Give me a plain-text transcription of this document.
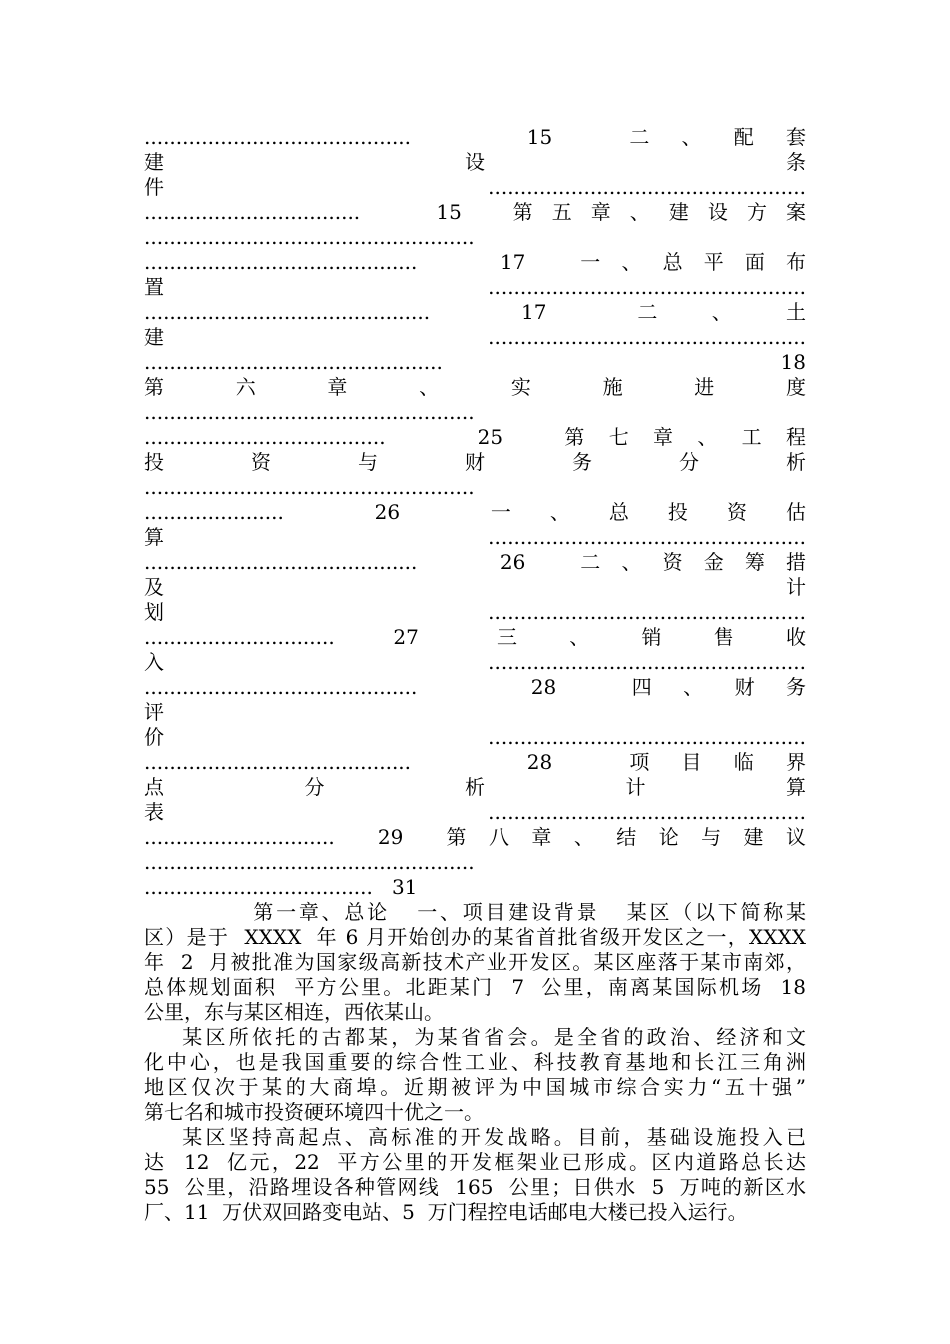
..........................................   15  二、配套
建                        设                        条
件..................................................
..................................   15  第五章、建设方案
....................................................
...........................................   17  一、总平面布
置..................................................
.............................................   17   二 、 土
建..................................................
...............................................         18
第     六     章     、     实     施     进     度
....................................................
......................................   25  第七章、工程
投     资     与     财     务     分     析
....................................................
......................      26      一  、  总  投  资  估
算..................................................
...........................................   26  二、资金筹措
及                                                  计
划..................................................
..............................   27    三  、  销  售  收
入..................................................
...........................................   28  四、财务
评
价..................................................
..........................................   28  项目临界
点          分          析          计          算
表..................................................
..............................   29   第 八 章 、 结 论 与 建 议
....................................................
....................................   31
第一章、总论   一、项目建设背景   某区（以下简称某
区）是于  XXXX  年 6 月开始创办的某省首批省级开发区之一，XXXX
年  2  月被批准为国家级高新技术产业开发区。某区座落于某市南郊，
总体规划面积  平方公里。北距某门  7  公里，南离某国际机场  18
公里，东与某区相连，西依某山。
某区所依托的古都某，为某省省会。是全省的政治、经济和文
化中心，也是我国重要的综合性工业、科技教育基地和长江三角洲
地区仅次于某的大商埠。近期被评为中国城市综合实力“五十强”
第七名和城市投资硬环境四十优之一。
某区坚持高起点、高标准的开发战略。目前，基础设施投入已
达  12  亿元，22  平方公里的开发框架业已形成。区内道路总长达
55  公里，沿路埋设各种管网线  165  公里；日供水  5  万吨的新区水
厂、11  万伏双回路变电站、5  万门程控电话邮电大楼已投入运行。
